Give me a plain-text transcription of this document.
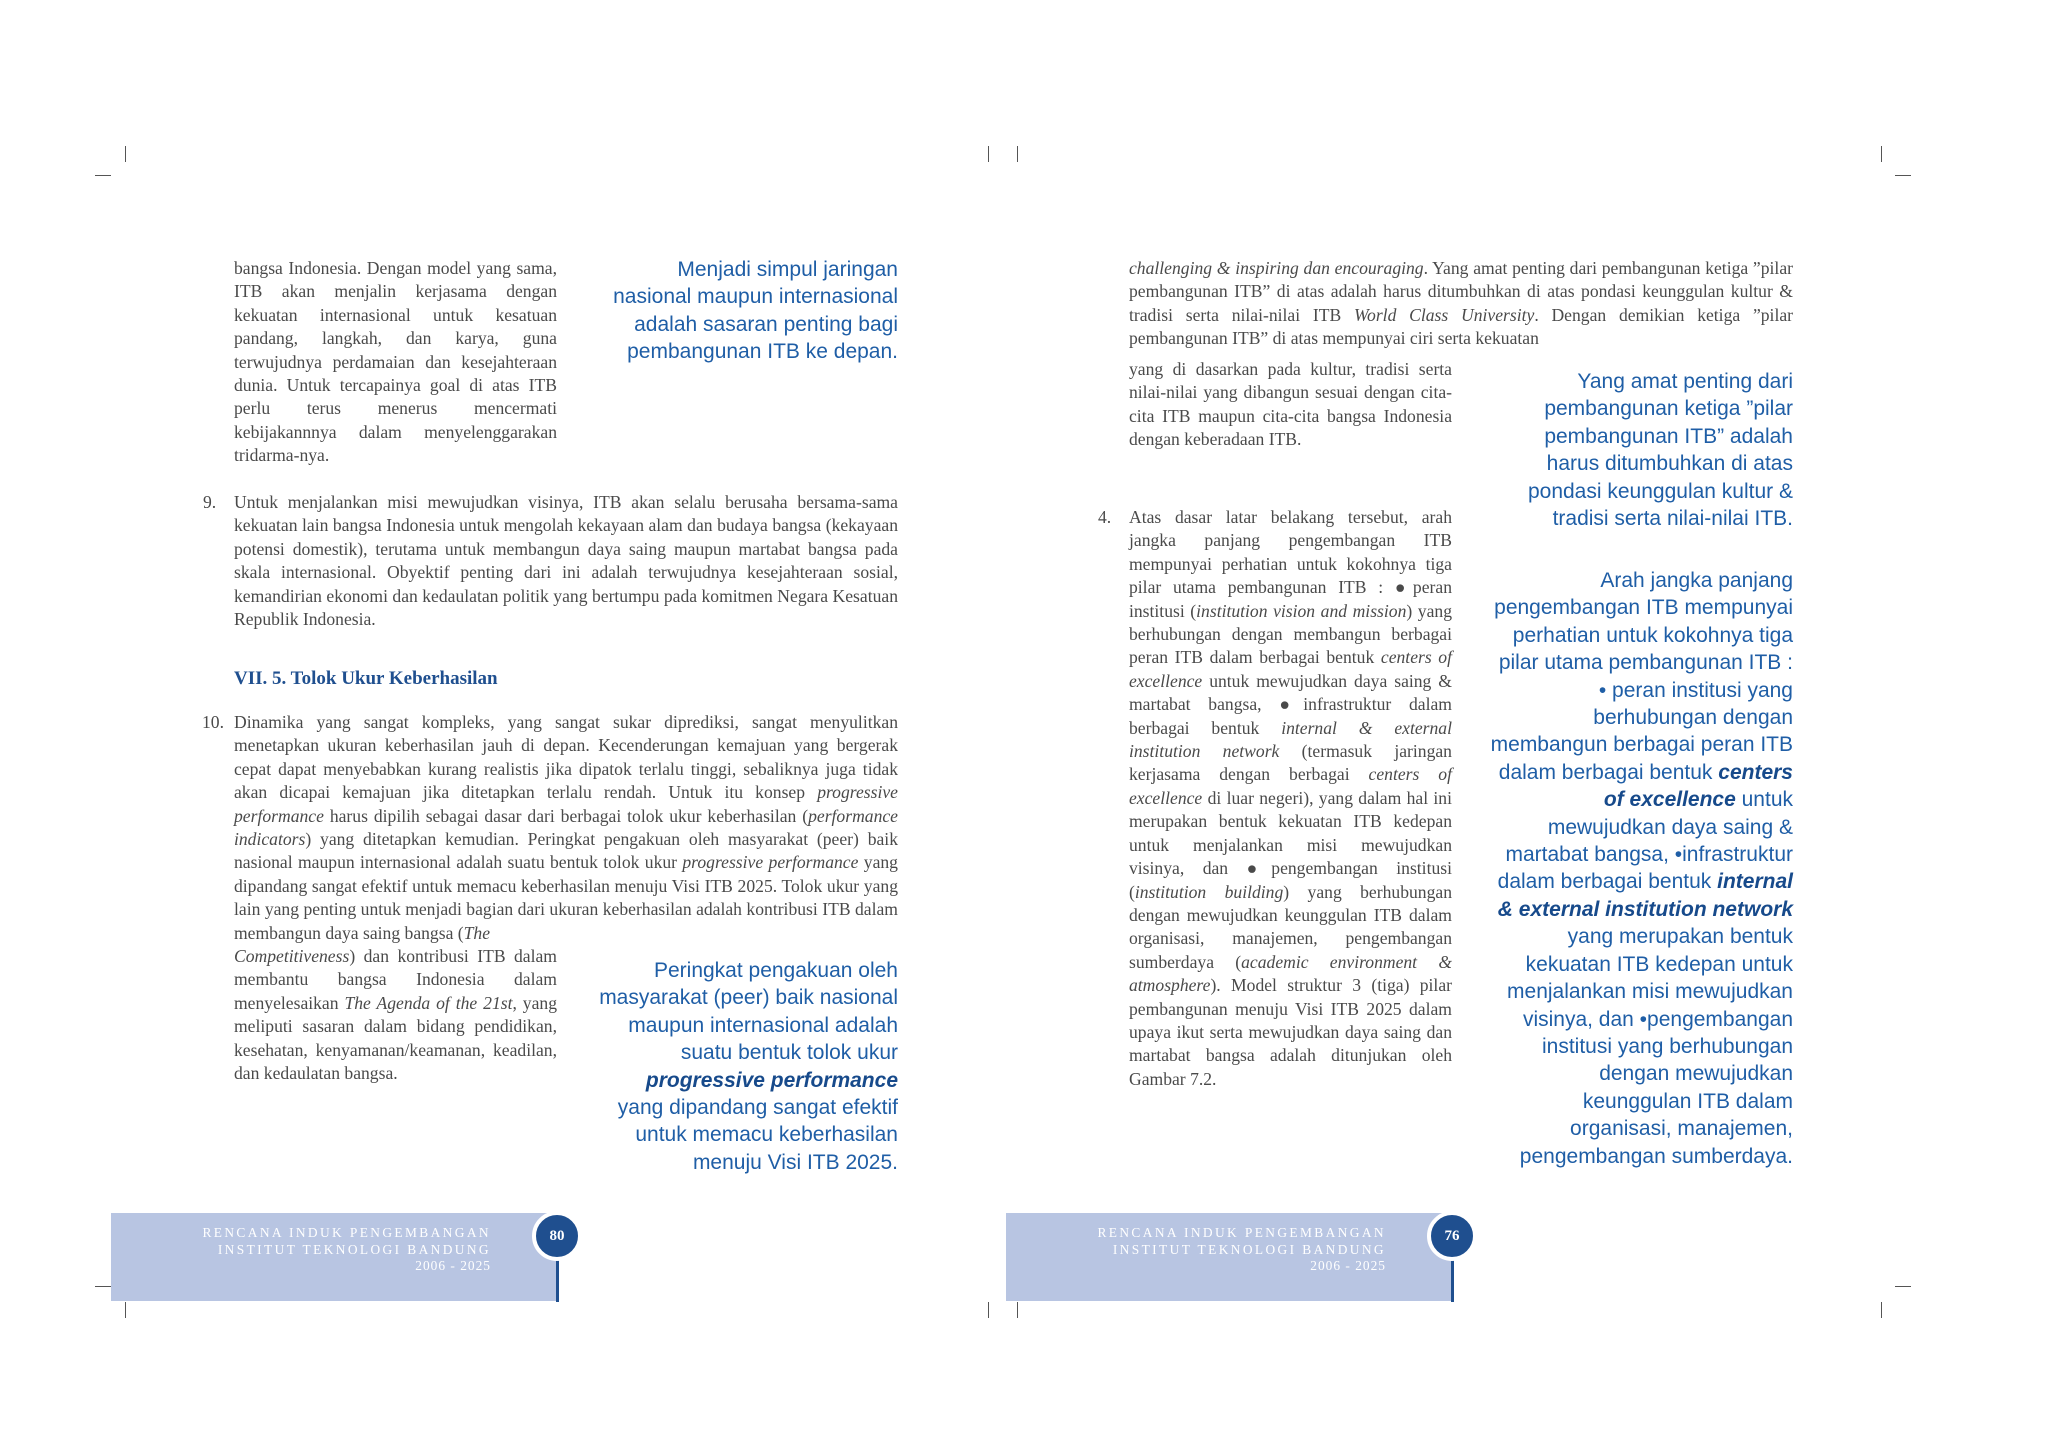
bangsa Indonesia. Dengan model yang sama, ITB akan menjalin kerjasama dengan kekuatan internasional untuk kesatuan pandang, langkah, dan karya, guna terwujudnya perdamaian dan kesejahteraan dunia. Untuk tercapainya goal di atas ITB perlu terus menerus mencermati kebijakannnya dalam menyelenggarakan tridarma-nya.
Menjadi simpul jaringan nasional maupun internasional adalah sasaran penting bagi pembangunan ITB ke depan.
9. Untuk menjalankan misi mewujudkan visinya, ITB akan selalu berusaha bersama-sama kekuatan lain bangsa Indonesia untuk mengolah kekayaan alam dan budaya bangsa (kekayaan potensi domestik), terutama untuk membangun daya saing maupun martabat bangsa pada skala internasional. Obyektif penting dari ini adalah terwujudnya kesejahteraan sosial, kemandirian ekonomi dan kedaulatan politik yang bertumpu pada komitmen Negara Kesatuan Republik Indonesia.
VII. 5. Tolok Ukur Keberhasilan
10. Dinamika yang sangat kompleks, yang sangat sukar diprediksi, sangat menyulitkan menetapkan ukuran keberhasilan jauh di depan. Kecenderungan kemajuan yang bergerak cepat dapat menyebabkan kurang realistis jika dipatok terlalu tinggi, sebaliknya juga tidak akan dicapai kemajuan jika ditetapkan terlalu rendah. Untuk itu konsep progressive performance harus dipilih sebagai dasar dari berbagai tolok ukur keberhasilan (performance indicators) yang ditetapkan kemudian. Peringkat pengakuan oleh masyarakat (peer) baik nasional maupun internasional adalah suatu bentuk tolok ukur progressive performance yang dipandang sangat efektif untuk memacu keberhasilan menuju Visi ITB 2025. Tolok ukur yang lain yang penting untuk menjadi bagian dari ukuran keberhasilan adalah kontribusi ITB dalam membangun daya saing bangsa (The
Competitiveness) dan kontribusi ITB dalam membantu bangsa Indonesia dalam menyelesaikan The Agenda of the 21st, yang meliputi sasaran dalam bidang pendidikan, kesehatan, kenyamanan/keamanan, keadilan, dan kedaulatan bangsa.
Peringkat pengakuan oleh masyarakat (peer) baik nasional maupun internasional adalah suatu bentuk tolok ukur progressive performance yang dipandang sangat efektif untuk memacu keberhasilan menuju Visi ITB 2025.
RENCANA INDUK PENGEMBANGAN
INSTITUT TEKNOLOGI BANDUNG
2006 - 2025
80
challenging & inspiring dan encouraging. Yang amat penting dari pembangunan ketiga ”pilar pembangunan ITB” di atas adalah harus ditumbuhkan di atas pondasi keunggulan kultur & tradisi serta nilai-nilai ITB World Class University. Dengan demikian ketiga ”pilar pembangunan ITB” di atas mempunyai ciri serta kekuatan
yang di dasarkan pada kultur, tradisi serta nilai-nilai yang dibangun sesuai dengan cita-cita ITB maupun cita-cita bangsa Indonesia dengan keberadaan ITB.
Yang amat penting dari pembangunan ketiga ”pilar pembangunan ITB” adalah harus ditumbuhkan di atas pondasi keunggulan kultur & tradisi serta nilai-nilai ITB.
4. Atas dasar latar belakang tersebut, arah jangka panjang pengembangan ITB mempunyai perhatian untuk kokohnya tiga pilar utama pembangunan ITB : ●peran institusi (institution vision and mission) yang berhubungan dengan membangun berbagai peran ITB dalam berbagai bentuk centers of excellence untuk mewujudkan daya saing & martabat bangsa, ●infrastruktur dalam berbagai bentuk internal & external institution network (termasuk jaringan kerjasama dengan berbagai centers of excellence di luar negeri), yang dalam hal ini merupakan bentuk kekuatan ITB kedepan untuk menjalankan misi mewujudkan visinya, dan ●pengembangan institusi (institution building) yang berhubungan dengan mewujudkan keunggulan ITB dalam organisasi, manajemen, pengembangan sumberdaya (academic environment & atmosphere). Model struktur 3 (tiga) pilar pembangunan menuju Visi ITB 2025 dalam upaya ikut serta mewujudkan daya saing dan martabat bangsa adalah ditunjukan oleh Gambar 7.2.
Arah jangka panjang pengembangan ITB mempunyai perhatian untuk kokohnya tiga pilar utama pembangunan ITB : • peran institusi yang berhubungan dengan membangun berbagai peran ITB dalam berbagai bentuk centers of excellence untuk mewujudkan daya saing & martabat bangsa, •infrastruktur dalam berbagai bentuk internal & external institution network yang merupakan bentuk kekuatan ITB kedepan untuk menjalankan misi mewujudkan visinya, dan •pengembangan institusi yang berhubungan dengan mewujudkan keunggulan ITB dalam organisasi, manajemen, pengembangan sumberdaya.
RENCANA INDUK PENGEMBANGAN
INSTITUT TEKNOLOGI BANDUNG
2006 - 2025
76
